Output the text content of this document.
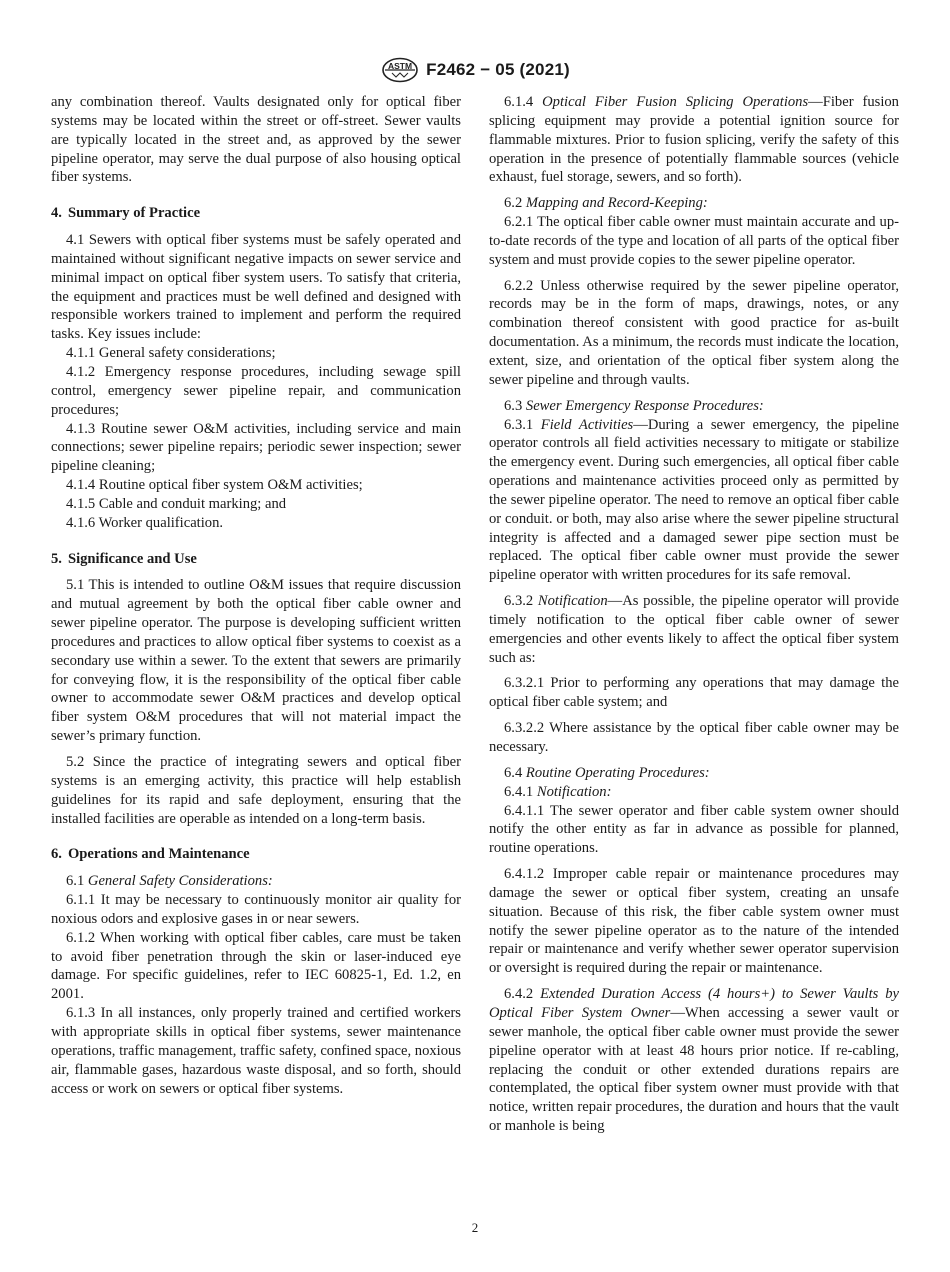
ASTM F2462 − 05 (2021)

any combination thereof. Vaults designated only for optical fiber systems may be located within the street or off-street. Sewer vaults are typically located in the street and, as approved by the sewer pipeline operator, may serve the dual purpose of also housing optical fiber systems.

4. Summary of Practice

4.1 Sewers with optical fiber systems must be safely operated and maintained without significant negative impacts on sewer service and minimal impact on optical fiber system users. To satisfy that criteria, the equipment and practices must be well defined and designed with responsible workers trained to implement and perform the required tasks. Key issues include:

4.1.1 General safety considerations;

4.1.2 Emergency response procedures, including sewage spill control, emergency sewer pipeline repair, and communication procedures;

4.1.3 Routine sewer O&M activities, including service and main connections; sewer pipeline repairs; periodic sewer inspection; sewer pipeline cleaning;

4.1.4 Routine optical fiber system O&M activities;

4.1.5 Cable and conduit marking; and

4.1.6 Worker qualification.

5. Significance and Use

5.1 This is intended to outline O&M issues that require discussion and mutual agreement by both the optical fiber cable owner and sewer pipeline operator. The purpose is developing sufficient written procedures and practices to allow optical fiber systems to coexist as a secondary use within a sewer. To the extent that sewers are primarily for conveying flow, it is the responsibility of the optical fiber cable owner to accommodate sewer O&M practices and develop optical fiber system O&M procedures that will not material impact the sewer’s primary function.

5.2 Since the practice of integrating sewers and optical fiber systems is an emerging activity, this practice will help establish guidelines for its rapid and safe deployment, ensuring that the installed facilities are operable as intended on a long-term basis.

6. Operations and Maintenance

6.1 General Safety Considerations:

6.1.1 It may be necessary to continuously monitor air quality for noxious odors and explosive gases in or near sewers.

6.1.2 When working with optical fiber cables, care must be taken to avoid fiber penetration through the skin or laser-induced eye damage. For specific guidelines, refer to IEC 60825-1, Ed. 1.2, en 2001.

6.1.3 In all instances, only properly trained and certified workers with appropriate skills in optical fiber systems, sewer maintenance operations, traffic management, traffic safety, confined space, noxious air, flammable gases, hazardous waste disposal, and so forth, should access or work on sewers or optical fiber systems.

6.1.4 Optical Fiber Fusion Splicing Operations—Fiber fusion splicing equipment may provide a potential ignition source for flammable mixtures. Prior to fusion splicing, verify the safety of this operation in the presence of potentially flammable sources (vehicle exhaust, fuel storage, sewers, and so forth).

6.2 Mapping and Record-Keeping:

6.2.1 The optical fiber cable owner must maintain accurate and up-to-date records of the type and location of all parts of the optical fiber system and must provide copies to the sewer pipeline operator.

6.2.2 Unless otherwise required by the sewer pipeline operator, records may be in the form of maps, drawings, notes, or any combination thereof consistent with good practice for as-built documentation. As a minimum, the records must indicate the location, extent, size, and orientation of the optical fiber system along the sewer pipeline and through vaults.

6.3 Sewer Emergency Response Procedures:

6.3.1 Field Activities—During a sewer emergency, the pipeline operator controls all field activities necessary to mitigate or stabilize the emergency event. During such emergencies, all optical fiber cable operations and maintenance activities proceed only as permitted by the sewer pipeline operator. The need to remove an optical fiber cable or conduit. or both, may also arise where the sewer pipeline structural integrity is affected and a damaged sewer pipe section must be replaced. The optical fiber cable owner must provide the sewer pipeline operator with written procedures for its safe removal.

6.3.2 Notification—As possible, the pipeline operator will provide timely notification to the optical fiber cable owner of sewer emergencies and other events likely to affect the optical fiber system such as:

6.3.2.1 Prior to performing any operations that may damage the optical fiber cable system; and

6.3.2.2 Where assistance by the optical fiber cable owner may be necessary.

6.4 Routine Operating Procedures:

6.4.1 Notification:

6.4.1.1 The sewer operator and fiber cable system owner should notify the other entity as far in advance as possible for planned, routine operations.

6.4.1.2 Improper cable repair or maintenance procedures may damage the sewer or optical fiber system, creating an unsafe situation. Because of this risk, the fiber cable system owner must notify the sewer pipeline operator as to the nature of the intended repair or maintenance and verify whether sewer operator supervision or oversight is required during the repair or maintenance.

6.4.2 Extended Duration Access (4 hours+) to Sewer Vaults by Optical Fiber System Owner—When accessing a sewer vault or sewer manhole, the optical fiber cable owner must provide the sewer pipeline operator with at least 48 hours prior notice. If re-cabling, replacing the conduit or other extended durations repairs are contemplated, the optical fiber system owner must provide with that notice, written repair procedures, the duration and hours that the vault or manhole is being

2
